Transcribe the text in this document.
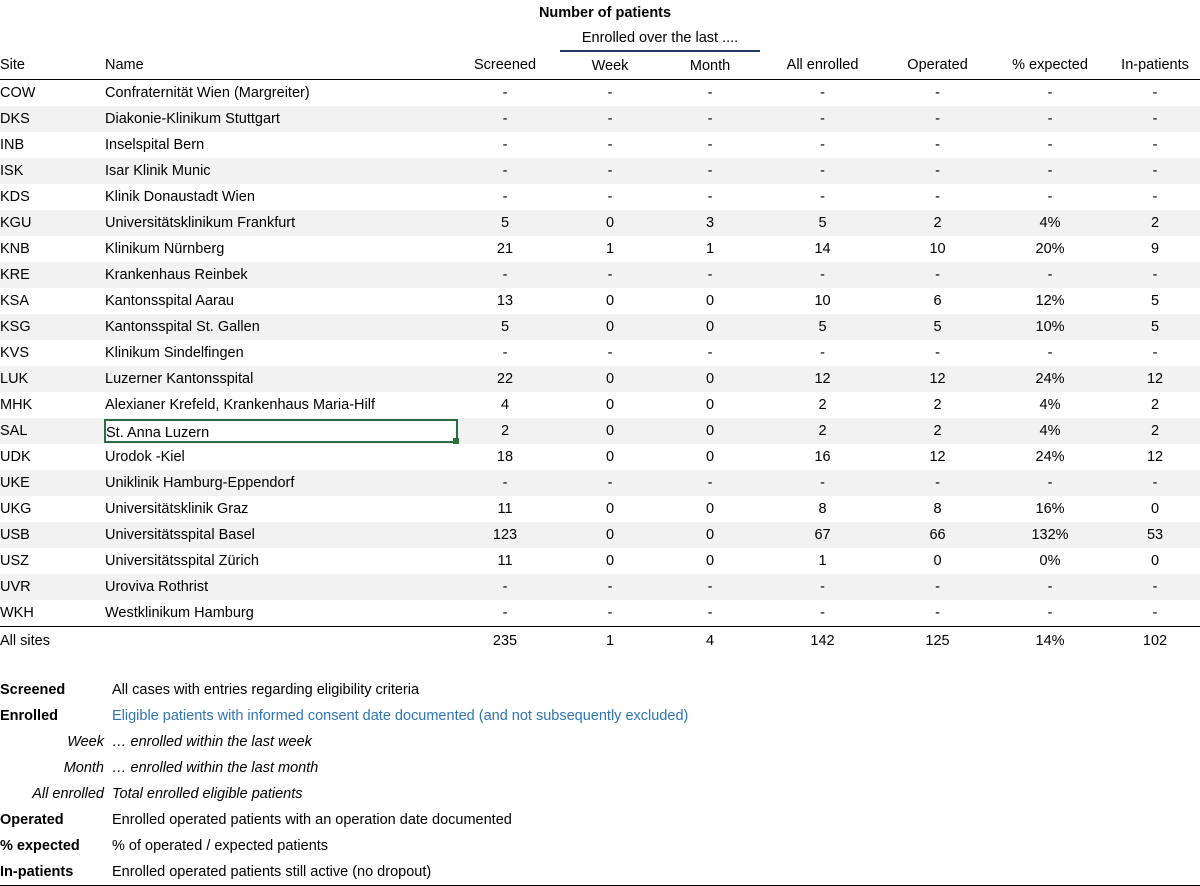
		Number of patients						
			Enrolled over the last ....					
Site	Name	Screened	Week	Month	All enrolled	Operated	% expected	In-patients
COW	Confraternität Wien (Margreiter)	-	-	-	-	-	-	-
DKS	Diakonie-Klinikum Stuttgart	-	-	-	-	-	-	-
INB	Inselspital Bern	-	-	-	-	-	-	-
ISK	Isar Klinik Munic	-	-	-	-	-	-	-
KDS	Klinik Donaustadt Wien	-	-	-	-	-	-	-
KGU	Universitätsklinikum Frankfurt	5	0	3	5	2	4%	2
KNB	Klinikum Nürnberg	21	1	1	14	10	20%	9
KRE	Krankenhaus Reinbek	-	-	-	-	-	-	-
KSA	Kantonsspital Aarau	13	0	0	10	6	12%	5
KSG	Kantonsspital St. Gallen	5	0	0	5	5	10%	5
KVS	Klinikum Sindelfingen	-	-	-	-	-	-	-
LUK	Luzerner Kantonsspital	22	0	0	12	12	24%	12
MHK	Alexianer Krefeld, Krankenhaus Maria-Hilf	4	0	0	2	2	4%	2
SAL	St. Anna Luzern	2	0	0	2	2	4%	2
UDK	Urodok -Kiel	18	0	0	16	12	24%	12
UKE	Uniklinik Hamburg-Eppendorf	-	-	-	-	-	-	-
UKG	Universitätsklinik Graz	11	0	0	8	8	16%	0
USB	Universitätsspital Basel	123	0	0	67	66	132%	53
USZ	Universitätsspital Zürich	11	0	0	1	0	0%	0
UVR	Uroviva Rothrist	-	-	-	-	-	-	-
WKH	Westklinikum Hamburg	-	-	-	-	-	-	-
All sites		235	1	4	142	125	14%	102
Screened	All cases with entries regarding eligibility criteria
Enrolled	Eligible patients with informed consent date documented (and not subsequently excluded)
Week	… enrolled within the last week
Month	… enrolled within the last month
All enrolled	Total enrolled eligible patients
Operated	Enrolled operated patients with an operation date documented
% expected	% of operated / expected patients
In-patients	Enrolled operated patients still active (no dropout)
